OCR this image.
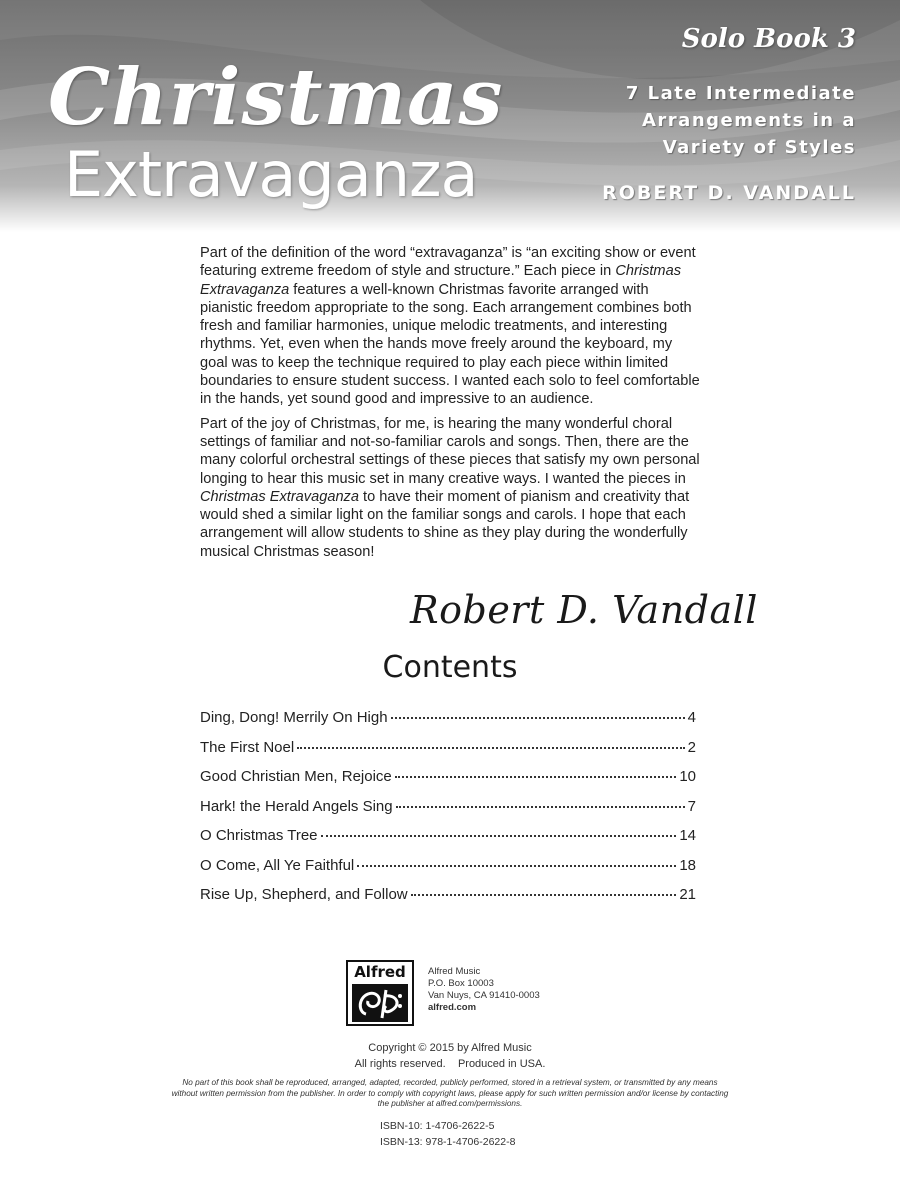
Christmas
Extravaganza
Solo Book 3
7 Late Intermediate
Arrangements in a
Variety of Styles
ROBERT D. VANDALL

Part of the definition of the word “extravaganza” is “an exciting show or event featuring extreme freedom of style and structure.” Each piece in Christmas Extravaganza features a well-known Christmas favorite arranged with pianistic freedom appropriate to the song. Each arrangement combines both fresh and familiar harmonies, unique melodic treatments, and interesting rhythms. Yet, even when the hands move freely around the keyboard, my goal was to keep the technique required to play each piece within limited boundaries to ensure student success. I wanted each solo to feel comfortable in the hands, yet sound good and impressive to an audience.

Part of the joy of Christmas, for me, is hearing the many wonderful choral settings of familiar and not-so-familiar carols and songs. Then, there are the many colorful orchestral settings of these pieces that satisfy my own personal longing to hear this music set in many creative ways. I wanted the pieces in Christmas Extravaganza to have their moment of pianism and creativity that would shed a similar light on the familiar songs and carols. I hope that each arrangement will allow students to shine as they play during the wonderfully musical Christmas season!

Robert D. Vandall
Contents
Ding, Dong! Merrily On High	4
The First Noel	2
Good Christian Men, Rejoice	10
Hark! the Herald Angels Sing	7
O Christmas Tree	14
O Come, All Ye Faithful	18
Rise Up, Shepherd, and Follow	21
Alfred	Alfred Music
P.O. Box 10003
Van Nuys, CA 91410-0003
alfred.com
Copyright © 2015 by Alfred Music
All rights reserved.    Produced in USA.
No part of this book shall be reproduced, arranged, adapted, recorded, publicly performed, stored in a retrieval system, or transmitted by any means without written permission from the publisher. In order to comply with copyright laws, please apply for such written permission and/or license by contacting the publisher at alfred.com/permissions.
ISBN-10: 1-4706-2622-5
ISBN-13: 978-1-4706-2622-8
